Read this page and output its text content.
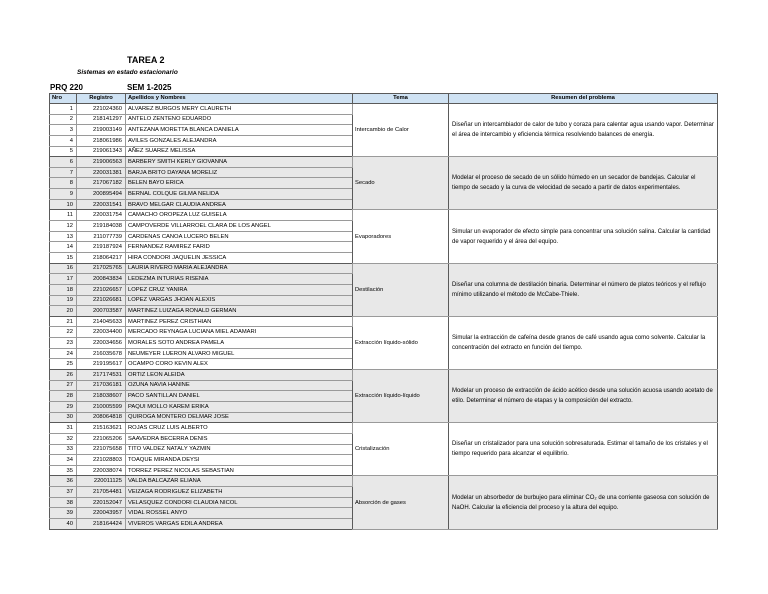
TAREA 2
Sistemas en estado estacionario
PRQ 220	SEM 1-2025
Nro	Registro	Apellidos y Nombres	Tema	Resumen del problema
1	221024360	ALVAREZ BURGOS MERY CLAURETH	Intercambio de Calor	Diseñar un intercambiador de calor de tubo y coraza para calentar agua usando vapor. Determinar el área de intercambio y eficiencia térmica resolviendo balances de energía.
2	218141297	ANTELO ZENTENO EDUARDO		
3	219003149	ANTEZANA MORETTA BLANCA DANIELA		
4	218061986	AVILES GONZALES ALEJANDRA		
5	219061343	AÑEZ SUAREZ MELISSA		
6	219006563	BARBERY SMITH KERLY GIOVANNA	Secado	Modelar el proceso de secado de un sólido húmedo en un secador de bandejas. Calcular el tiempo de secado y la curva de velocidad de secado a partir de datos experimentales.
7	220031381	BARJA BRITO DAYANA MORELIZ		
8	217067182	BELEN BAYO ERICA		
9	200895494	BERNAL COLQUE GILMA NELIDA		
10	220031541	BRAVO MELGAR CLAUDIA ANDREA		
11	220031754	CAMACHO OROPEZA LUZ GUISELA	Evaporadores	Simular un evaporador de efecto simple para concentrar una solución salina. Calcular la cantidad de vapor requerido y el área del equipo.
12	219184038	CAMPOVERDE VILLARROEL CLARA DE LOS ANGEL		
13	211077739	CARDENAS CANOA LUCERO BELEN		
14	219187924	FERNANDEZ RAMIREZ FARID		
15	218064217	HIRA CONDORI JAQUELIN JESSICA		
16	217025765	LAURIA RIVERO MARIA ALEJANDRA	Destilación	Diseñar una columna de destilación binaria. Determinar el número de platos teóricos y el reflujo mínimo utilizando el método de McCabe-Thiele.
17	200843834	LEDEZMA INTURIAS RISENIA		
18	221026657	LOPEZ CRUZ YANIRA		
19	221026681	LOPEZ VARGAS JHOAN ALEXIS		
20	200703587	MARTINEZ LUIZAGA RONALD GERMAN		
21	214045633	MARTINEZ PEREZ CRISTHIAN	Extracción líquido-sólido	Simular la extracción de cafeína desde granos de café usando agua como solvente. Calcular la concentración del extracto en función del tiempo.
22	220034400	MERCADO REYNAGA LUCIANA MIEL ADAMARI		
23	220034656	MORALES SOTO ANDREA PAMELA		
24	216035678	NEUMEYER LUERON ALVARO MIGUEL		
25	219195617	OCAMPO CORO KEVIN ALEX		
26	217174531	ORTIZ LEON ALEIDA	Extracción líquido-líquido	Modelar un proceso de extracción de ácido acético desde una solución acuosa usando acetato de etilo. Determinar el número de etapas y la composición del extracto.
27	217036181	OZUNA NAVIA HANINE		
28	218038607	PACO SANTILLAN DANIEL		
29	210005599	PAQUI MOLLO KAREM ERIKA		
30	208064818	QUIROGA MONTERO DELMAR JOSE		
31	215163621	ROJAS CRUZ LUIS ALBERTO	Cristalización	Diseñar un cristalizador para una solución sobresaturada. Estimar el tamaño de los cristales y el tiempo requerido para alcanzar el equilibrio.
32	221065206	SAAVEDRA BECERRA DENIS		
33	221075658	TITO VALDEZ NATALY YAZMIN		
34	221028803	TOAQUE MIRANDA DEYSI		
35	220038074	TORREZ PEREZ NICOLAS SEBASTIAN		
36	220011125	VALDA BALCAZAR ELIANA	Absorción de gases	Modelar un absorbedor de burbujeo para eliminar CO₂ de una corriente gaseosa con solución de NaOH. Calcular la eficiencia del proceso y la altura del equipo.
37	217054481	VEIZAGA RODRIGUEZ ELIZABETH		
38	220152047	VELASQUEZ CONDORI CLAUDIA NICOL		
39	220043957	VIDAL ROSSEL ANYO		
40	218164424	VIVEROS VARGAS EDILA ANDREA		
